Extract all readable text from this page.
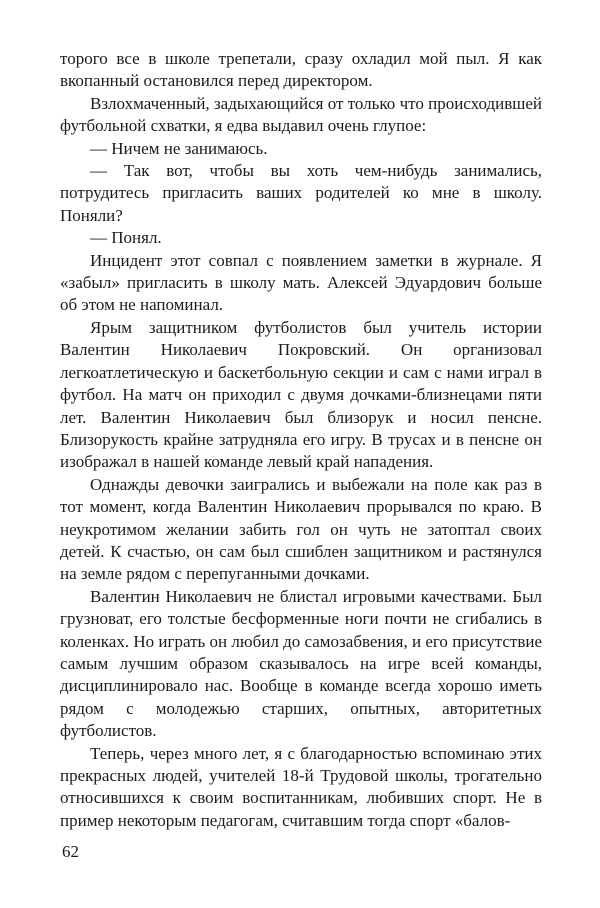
торого все в школе трепетали, сразу охладил мой пыл. Я как вкопанный остановился перед директором.

Взлохмаченный, задыхающийся от только что происходившей футбольной схватки, я едва выдавил очень глупое:

— Ничем не занимаюсь.

— Так вот, чтобы вы хоть чем-нибудь занимались, потрудитесь пригласить ваших родителей ко мне в школу. Поняли?

— Понял.

Инцидент этот совпал с появлением заметки в журнале. Я «забыл» пригласить в школу мать. Алексей Эдуардович больше об этом не напоминал.

Ярым защитником футболистов был учитель истории Валентин Николаевич Покровский. Он организовал легкоатлетическую и баскетбольную секции и сам с нами играл в футбол. На матч он приходил с двумя дочками-близнецами пяти лет. Валентин Николаевич был близорук и носил пенсне. Близорукость крайне затрудняла его игру. В трусах и в пенсне он изображал в нашей команде левый край нападения.

Однажды девочки заигрались и выбежали на поле как раз в тот момент, когда Валентин Николаевич прорывался по краю. В неукротимом желании забить гол он чуть не затоптал своих детей. К счастью, он сам был сшиблен защитником и растянулся на земле рядом с перепуганными дочками.

Валентин Николаевич не блистал игровыми качествами. Был грузноват, его толстые бесформенные ноги почти не сгибались в коленках. Но играть он любил до самозабвения, и его присутствие самым лучшим образом сказывалось на игре всей команды, дисциплинировало нас. Вообще в команде всегда хорошо иметь рядом с молодежью старших, опытных, авторитетных футболистов.

Теперь, через много лет, я с благодарностью вспоминаю этих прекрасных людей, учителей 18-й Трудовой школы, трогательно относившихся к своим воспитанникам, любивших спорт. Не в пример некоторым педагогам, считавшим тогда спорт «балов-

62
